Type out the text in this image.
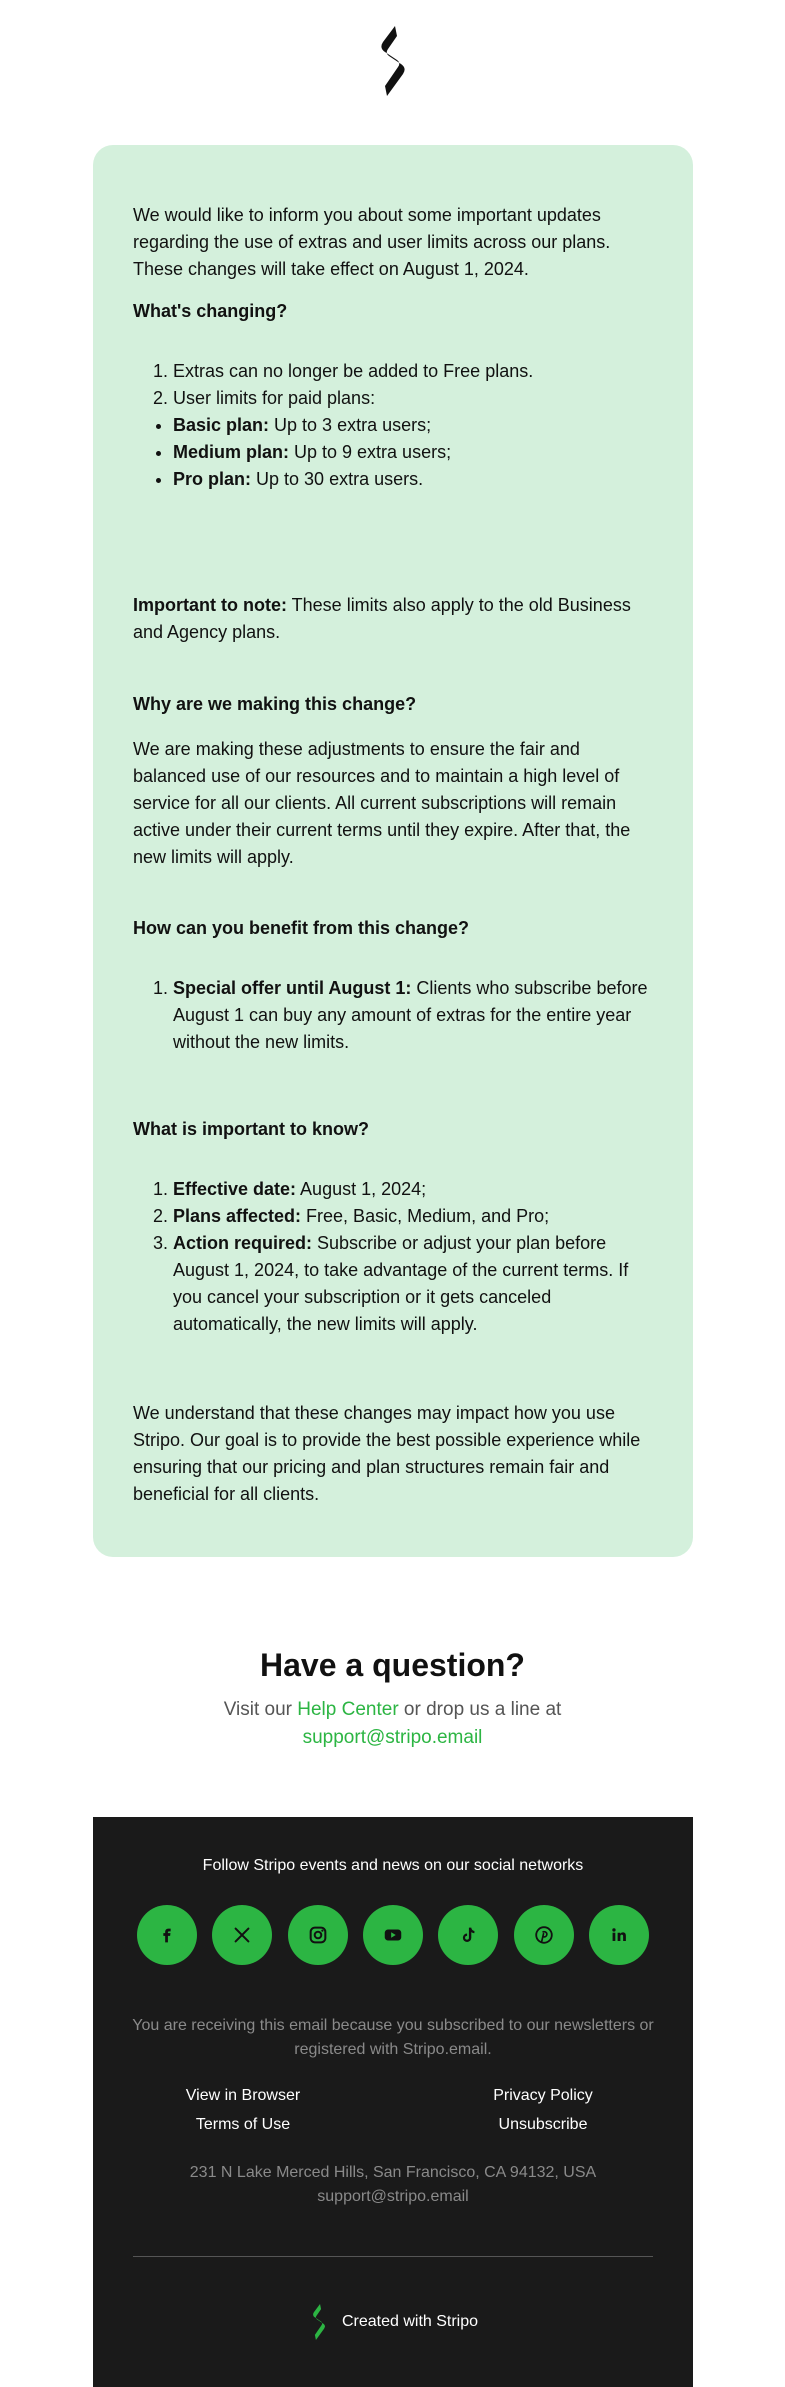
We would like to inform you about some important updates regarding the use of extras and user limits across our plans. These changes will take effect on August 1, 2024.

What's changing?
1. Extras can no longer be added to Free plans.
2. User limits for paid plans:
• Basic plan: Up to 3 extra users;
• Medium plan: Up to 9 extra users;
• Pro plan: Up to 30 extra users.

Important to note: These limits also apply to the old Business and Agency plans.

Why are we making this change?

We are making these adjustments to ensure the fair and balanced use of our resources and to maintain a high level of service for all our clients. All current subscriptions will remain active under their current terms until they expire. After that, the new limits will apply.

How can you benefit from this change?
1. Special offer until August 1: Clients who subscribe before August 1 can buy any amount of extras for the entire year without the new limits.
What is important to know?
1. Effective date: August 1, 2024;
2. Plans affected: Free, Basic, Medium, and Pro;
3. Action required: Subscribe or adjust your plan before August 1, 2024, to take advantage of the current terms. If you cancel your subscription or it gets canceled automatically, the new limits will apply.

We understand that these changes may impact how you use Stripo. Our goal is to provide the best possible experience while ensuring that our pricing and plan structures remain fair and beneficial for all clients.

Have a question?
Visit our Help Center or drop us a line at
support@stripo.email
Follow Stripo events and news on our social networks
You are receiving this email because you subscribed to our newsletters or registered with Stripo.email.
View in Browser	Privacy Policy
Terms of Use	Unsubscribe
231 N Lake Merced Hills, San Francisco, CA 94132, USA
support@stripo.email
Created with Stripo
